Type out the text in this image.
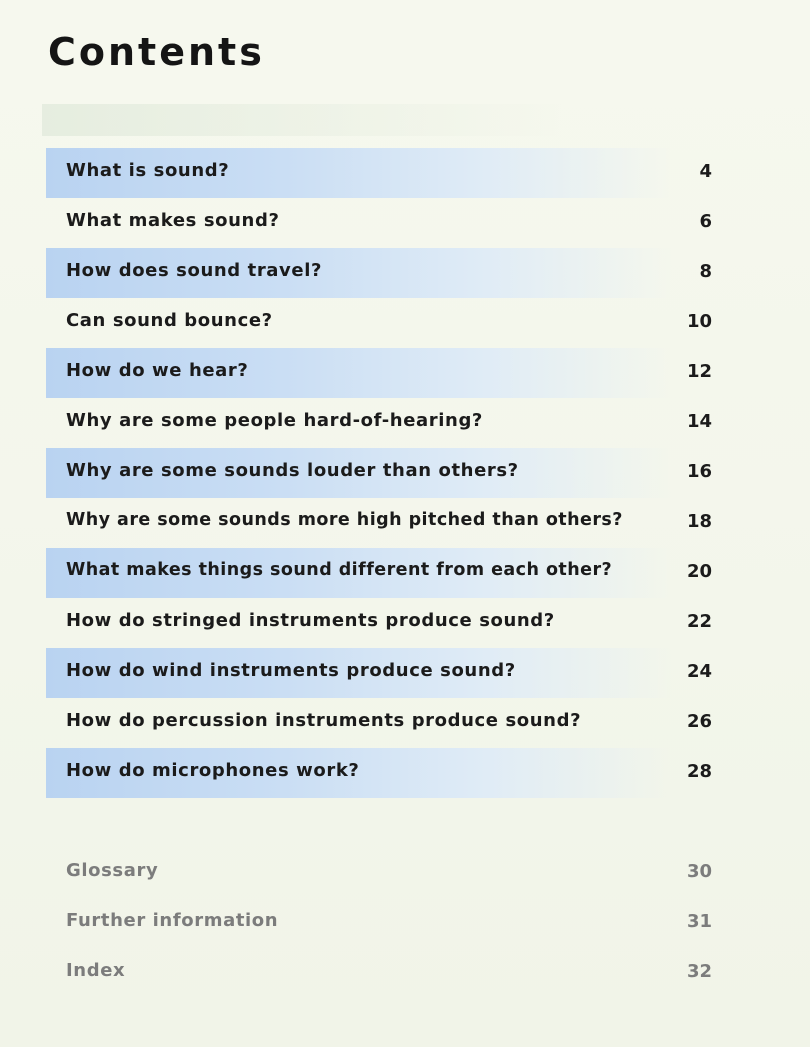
Contents
What is sound?	4
What makes sound?	6
How does sound travel?	8
Can sound bounce?	10
How do we hear?	12
Why are some people hard-of-hearing?	14
Why are some sounds louder than others?	16
Why are some sounds more high pitched than others?	18
What makes things sound different from each other?	20
How do stringed instruments produce sound?	22
How do wind instruments produce sound?	24
How do percussion instruments produce sound?	26
How do microphones work?	28
Glossary	30
Further information	31
Index	32
